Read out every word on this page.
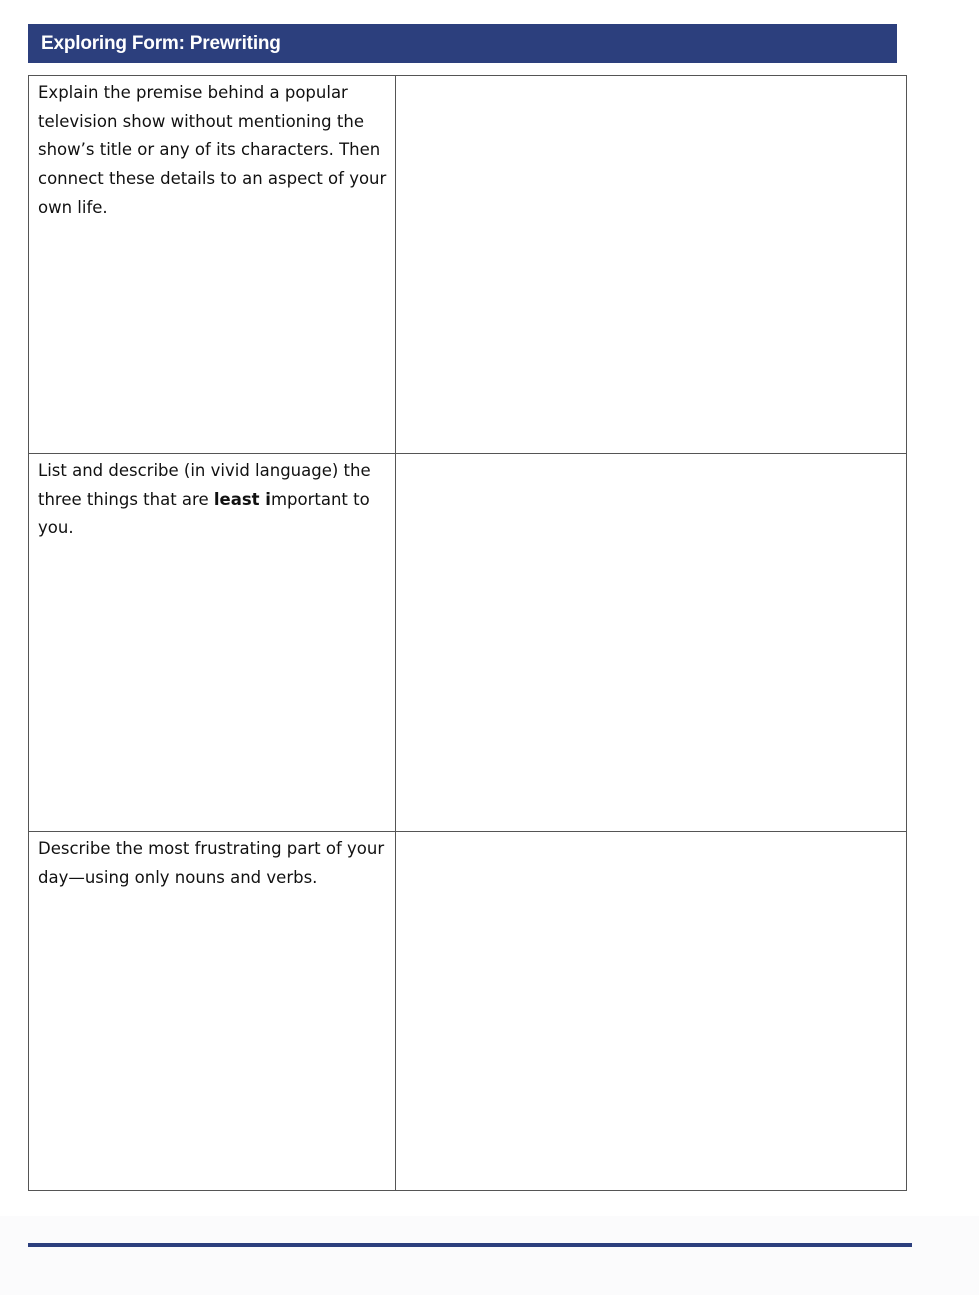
Exploring Form: Prewriting
Explain the premise behind a popular television show without mentioning the show’s title or any of its characters. Then connect these details to an aspect of your own life.	
List and describe (in vivid language) the three things that are least important to you.	
Describe the most frustrating part of your day—using only nouns and verbs.	
